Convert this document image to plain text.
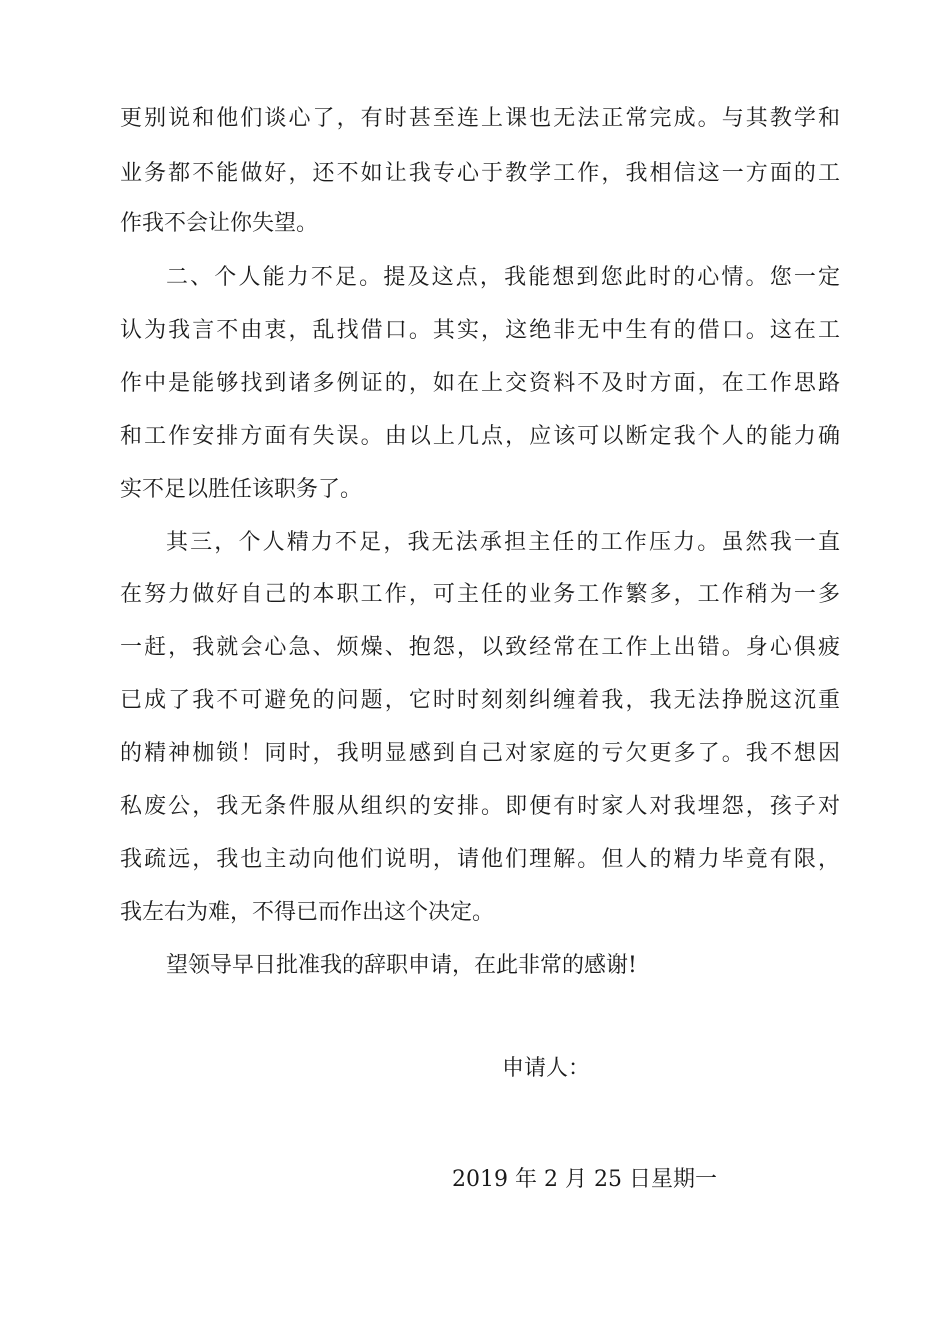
更别说和他们谈心了，有时甚至连上课也无法正常完成。与其教学和
业务都不能做好，还不如让我专心于教学工作，我相信这一方面的工
作我不会让你失望。
二、个人能力不足。提及这点，我能想到您此时的心情。您一定
认为我言不由衷，乱找借口。其实，这绝非无中生有的借口。这在工
作中是能够找到诸多例证的，如在上交资料不及时方面，在工作思路
和工作安排方面有失误。由以上几点，应该可以断定我个人的能力确
实不足以胜任该职务了。
其三，个人精力不足，我无法承担主任的工作压力。虽然我一直
在努力做好自己的本职工作，可主任的业务工作繁多，工作稍为一多
一赶，我就会心急、烦燥、抱怨，以致经常在工作上出错。身心俱疲
已成了我不可避免的问题，它时时刻刻纠缠着我，我无法挣脱这沉重
的精神枷锁！同时，我明显感到自己对家庭的亏欠更多了。我不想因
私废公，我无条件服从组织的安排。即便有时家人对我埋怨，孩子对
我疏远，我也主动向他们说明，请他们理解。但人的精力毕竟有限，
我左右为难，不得已而作出这个决定。
望领导早日批准我的辞职申请，在此非常的感谢!
申请人：
2019 年 2 月 25 日星期一
